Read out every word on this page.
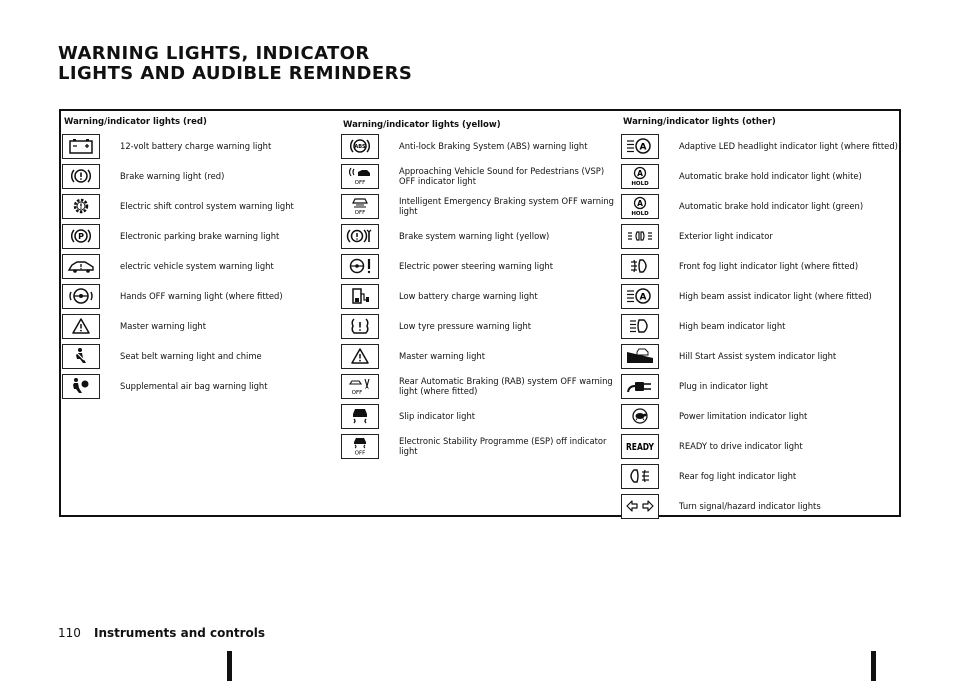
WARNING LIGHTS, INDICATOR
LIGHTS AND AUDIBLE REMINDERS
Warning/indicator lights (red)
12-volt battery charge warning light
Brake warning light (red)
Electric shift control system warning light
P	Electronic parking brake warning light
electric vehicle system warning light
Hands OFF warning light (where fitted)
Master warning light
Seat belt warning light and chime
Supplemental air bag warning light
Warning/indicator lights (yellow)
ABS	Anti-lock Braking System (ABS) warning light
OFF
Approaching Vehicle Sound for Pedestrians (VSP) OFF indicator light
OFF
Intelligent Emergency Braking system OFF warning light
Brake system warning light (yellow)
Electric power steering warning light
Low battery charge warning light
Low tyre pressure warning light
Master warning light
A
OFF
Rear Automatic Braking (RAB) system OFF warning light (where fitted)
Slip indicator light
OFF
Electronic Stability Programme (ESP) off indicator light
Warning/indicator lights (other)
A	Adaptive LED headlight indicator light (where fitted)
A
HOLD
Automatic brake hold indicator light (white)
A
HOLD
Automatic brake hold indicator light (green)
Exterior light indicator
Front fog light indicator light (where fitted)
A	High beam assist indicator light (where fitted)
High beam indicator light
Hill Start Assist system indicator light
Plug in indicator light
Power limitation indicator light
READY	READY to drive indicator light
Rear fog light indicator light
Turn signal/hazard indicator lights
110 Instruments and controls
